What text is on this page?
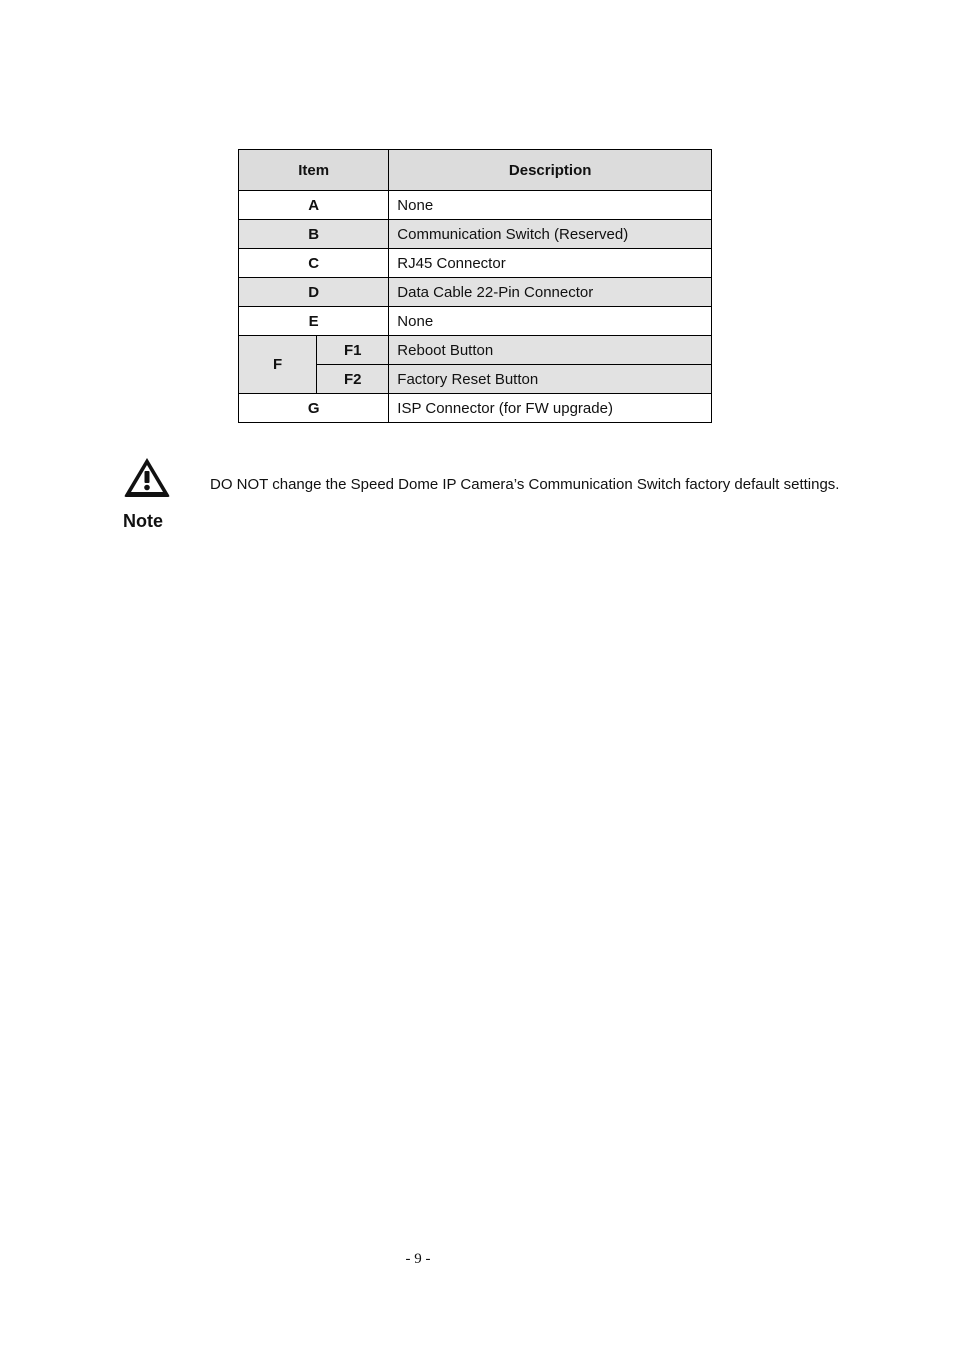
Item		Description
A		None
B		Communication Switch (Reserved)
C		RJ45 Connector
D		Data Cable 22-Pin Connector
E		None
F	F1	Reboot Button
	F2	Factory Reset Button
G		ISP Connector (for FW upgrade)
Note
DO NOT change the Speed Dome IP Camera’s Communication Switch factory default settings.
- 9 -
